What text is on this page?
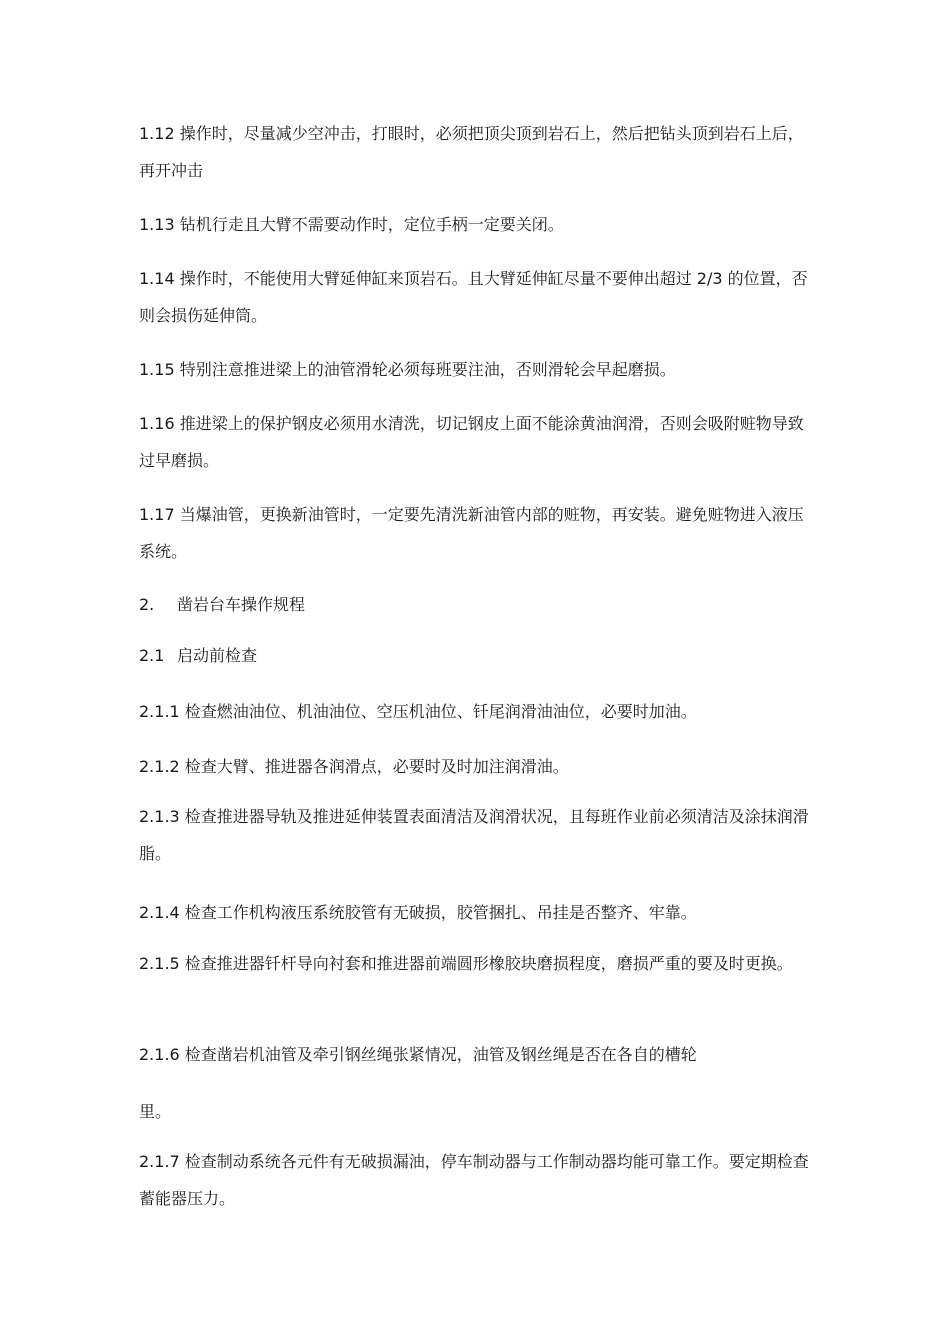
1.12 操作时，尽量减少空冲击，打眼时，必须把顶尖顶到岩石上，然后把钻头顶到岩石上后，再开冲击

1.13 钻机行走且大臂不需要动作时，定位手柄一定要关闭。

1.14 操作时，不能使用大臂延伸缸来顶岩石。且大臂延伸缸尽量不要伸出超过 2/3 的位置，否则会损伤延伸筒。

1.15 特别注意推进梁上的油管滑轮必须每班要注油，否则滑轮会早起磨损。

1.16 推进梁上的保护钢皮必须用水清洗，切记钢皮上面不能涂黄油润滑，否则会吸附赃物导致过早磨损。

1.17 当爆油管，更换新油管时，一定要先清洗新油管内部的赃物，再安装。避免赃物进入液压系统。

2. 凿岩台车操作规程

2.1 启动前检查

2.1.1 检查燃油油位、机油油位、空压机油位、钎尾润滑油油位，必要时加油。

2.1.2 检查大臂、推进器各润滑点，必要时及时加注润滑油。

2.1.3 检查推进器导轨及推进延伸装置表面清洁及润滑状况，且每班作业前必须清洁及涂抹润滑脂。

2.1.4 检查工作机构液压系统胶管有无破损，胶管捆扎、吊挂是否整齐、牢靠。

2.1.5 检查推进器钎杆导向衬套和推进器前端圆形橡胶块磨损程度，磨损严重的要及时更换。

2.1.6 检查凿岩机油管及牵引钢丝绳张紧情况，油管及钢丝绳是否在各自的槽轮

里。

2.1.7 检查制动系统各元件有无破损漏油，停车制动器与工作制动器均能可靠工作。要定期检查蓄能器压力。
